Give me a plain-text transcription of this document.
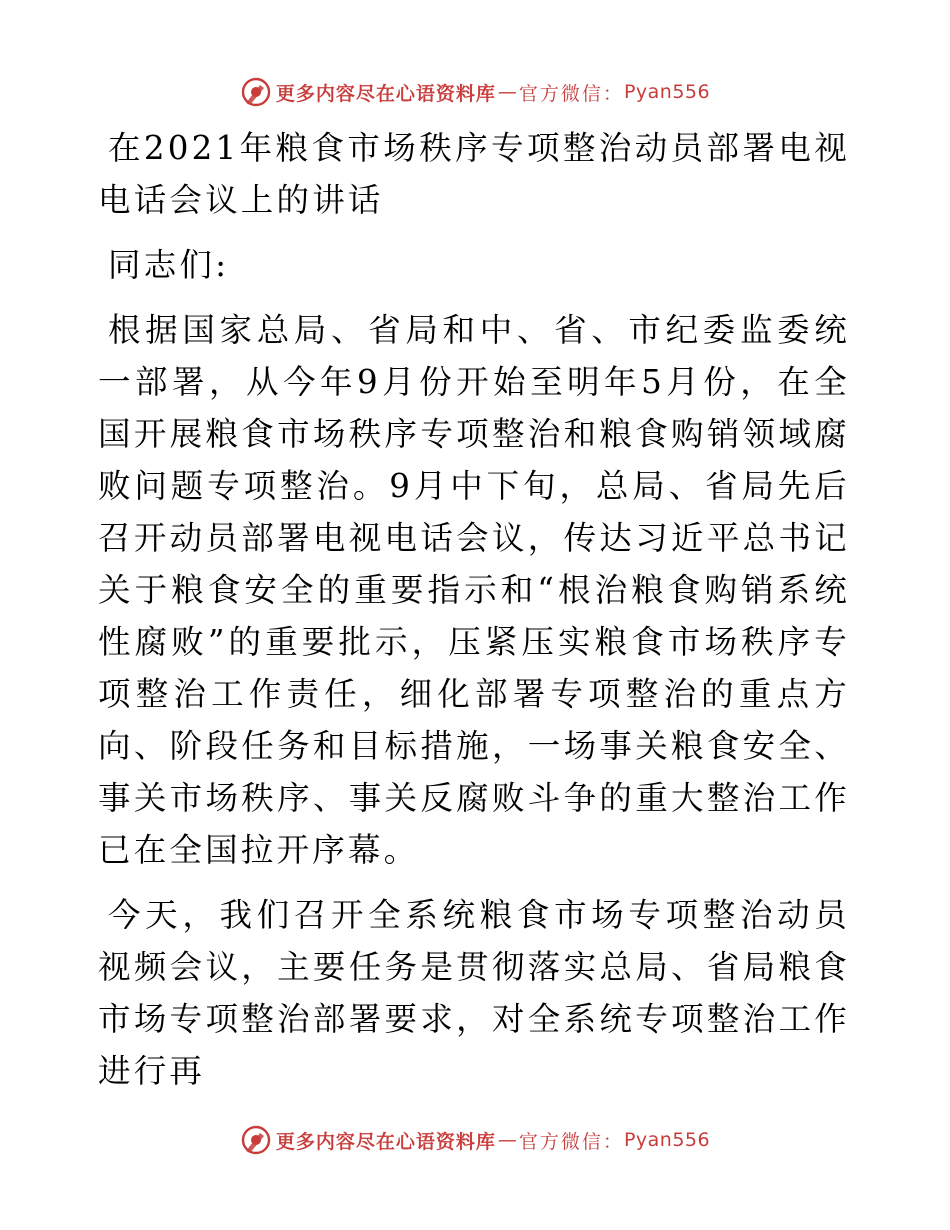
更多内容尽在心语资料库 — 官方微信： Pyan556

在2021年粮食市场秩序专项整治动员部署电视电话会议上的讲话

同志们:

根据国家总局、省局和中、省、市纪委监委统一部署，从今年9月份开始至明年5月份，在全国开展粮食市场秩序专项整治和粮食购销领域腐败问题专项整治。9月中下旬，总局、省局先后召开动员部署电视电话会议，传达习近平总书记关于粮食安全的重要指示和“根治粮食购销系统性腐败”的重要批示，压紧压实粮食市场秩序专项整治工作责任，细化部署专项整治的重点方向、阶段任务和目标措施，一场事关粮食安全、事关市场秩序、事关反腐败斗争的重大整治工作已在全国拉开序幕。

今天，我们召开全系统粮食市场专项整治动员视频会议，主要任务是贯彻落实总局、省局粮食市场专项整治部署要求，对全系统专项整治工作进行再

更多内容尽在心语资料库 — 官方微信： Pyan556
